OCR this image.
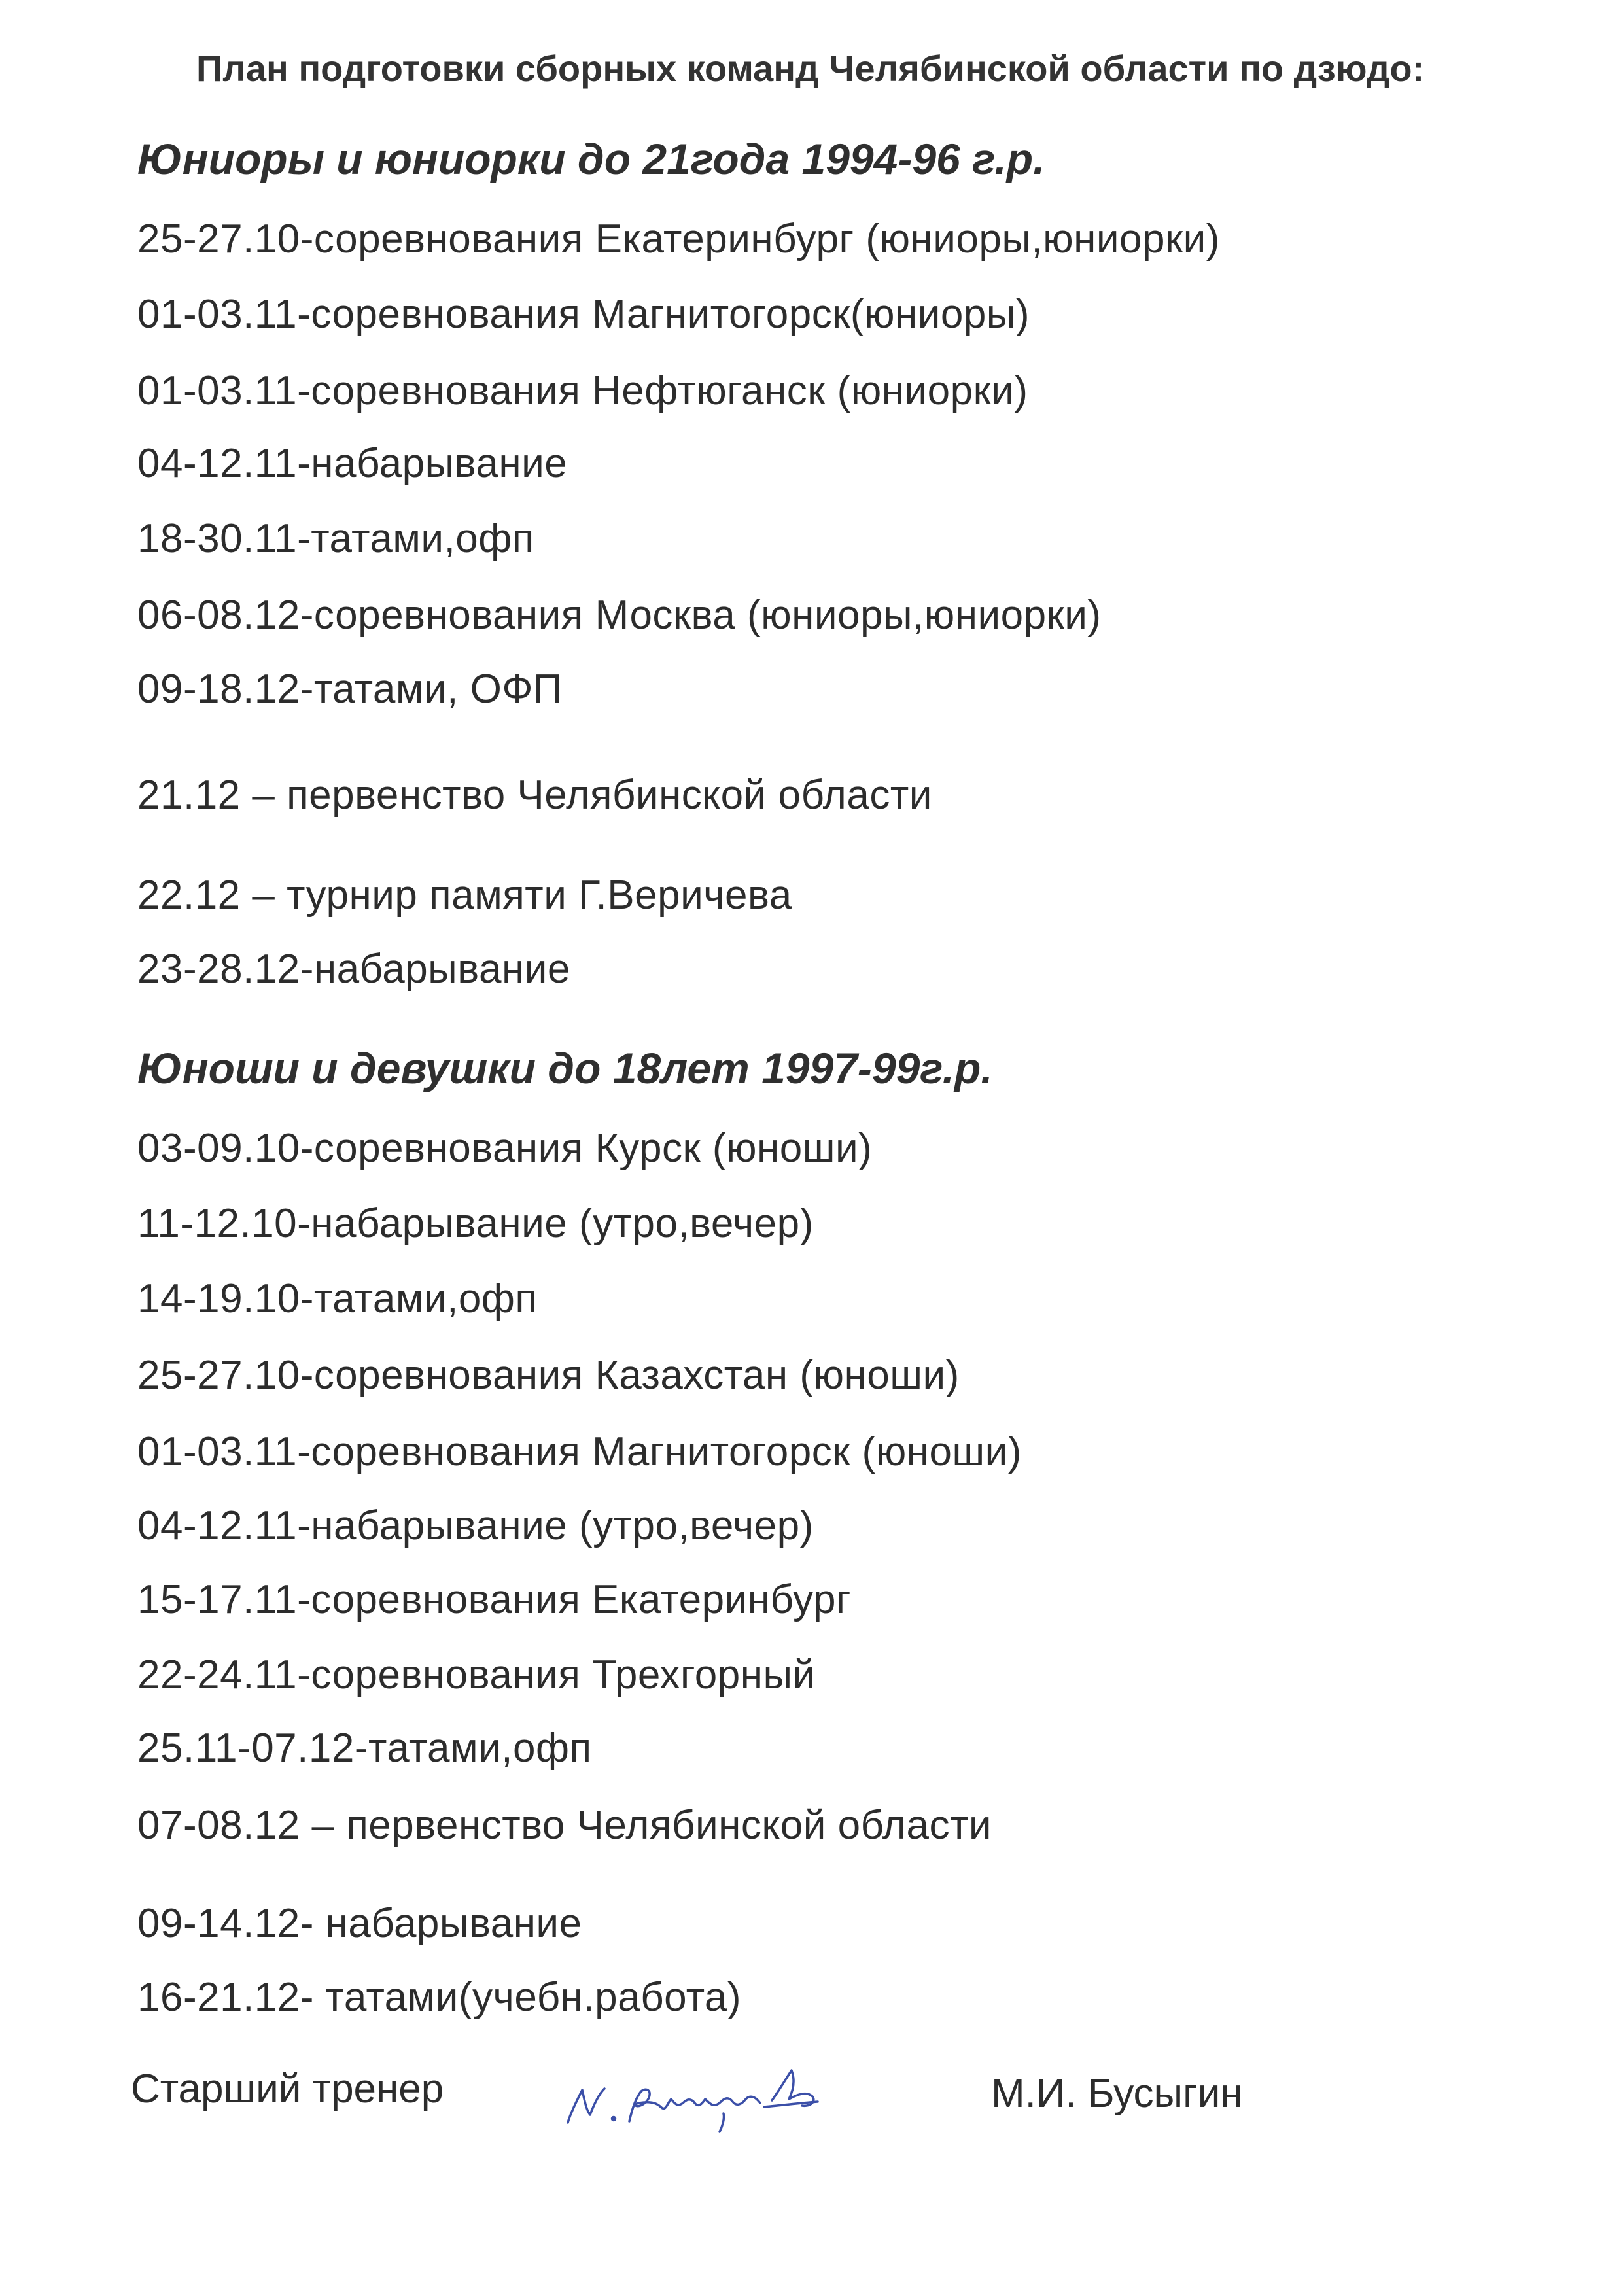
План подготовки сборных команд Челябинской области по дзюдо:
Юниоры и юниорки до 21года 1994-96 г.р.
25-27.10-соревнования Екатеринбург (юниоры,юниорки)
01-03.11-соревнования Магнитогорск(юниоры)
01-03.11-соревнования Нефтюганск (юниорки)
04-12.11-набарывание
18-30.11-татами,офп
06-08.12-соревнования Москва (юниоры,юниорки)
09-18.12-татами, ОФП
21.12 – первенство Челябинской области
22.12 – турнир памяти Г.Веричева
23-28.12-набарывание
Юноши и девушки до 18лет 1997-99г.р.
03-09.10-соревнования Курск (юноши)
11-12.10-набарывание (утро,вечер)
14-19.10-татами,офп
25-27.10-соревнования Казахстан (юноши)
01-03.11-соревнования Магнитогорск (юноши)
04-12.11-набарывание (утро,вечер)
15-17.11-соревнования Екатеринбург
22-24.11-соревнования Трехгорный
25.11-07.12-татами,офп
07-08.12 – первенство Челябинской области
09-14.12- набарывание
16-21.12- татами(учебн.работа)
Старший тренер	М.И. Бусыгин
